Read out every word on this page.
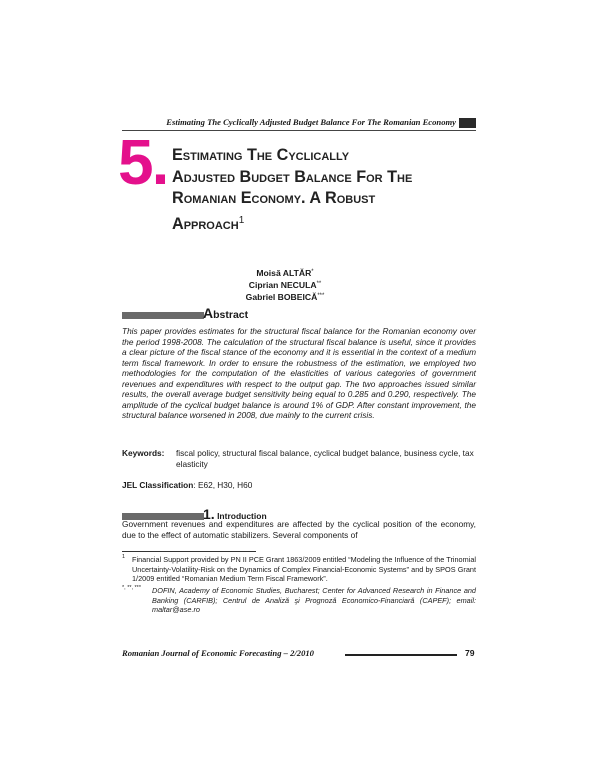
Estimating The Cyclically Adjusted Budget Balance For The Romanian Economy
5. Estimating The Cyclically
Adjusted Budget Balance For The
Romanian Economy. A Robust
Approach$^1$
Moisă ALTĂR*
Ciprian NECULA**
Gabriel BOBEICĂ***
Abstract
This paper provides estimates for the structural fiscal balance for the Romanian economy over the period 1998-2008. The calculation of the structural fiscal balance is useful, since it provides a clear picture of the fiscal stance of the economy and it is essential in the context of a medium term fiscal framework. In order to ensure the robustness of the estimation, we employed two methodologies for the computation of the elasticities of various categories of government revenues and expenditures with respect to the output gap. The two approaches issued similar results, the overall average budget sensitivity being equal to 0.285 and 0.290, respectively. The amplitude of the cyclical budget balance is around 1% of GDP. After constant improvement, the structural balance worsened in 2008, due mainly to the current crisis.
Keywords: fiscal policy, structural fiscal balance, cyclical budget balance, business cycle, tax elasticity
JEL Classification: E62, H30, H60
1. Introduction
Government revenues and expenditures are affected by the cyclical position of the economy, due to the effect of automatic stabilizers. Several components of
1 Financial Support provided by PN II PCE Grant 1863/2009 entitled “Modeling the Influence of the Trinomial Uncertainty-Volatility-Risk on the Dynamics of Complex Financial-Economic Systems” and by SPOS Grant 1/2009 entitled “Romanian Medium Term Fiscal Framework”.
*, **, ***	DOFIN, Academy of Economic Studies, Bucharest; Center for Advanced Research in Finance and Banking (CARFIB); Centrul de Analiză şi Prognoză Economico-Financiară (CAPEF); email: maltar@ase.ro
Romanian Journal of Economic Forecasting – 2/2010	79
